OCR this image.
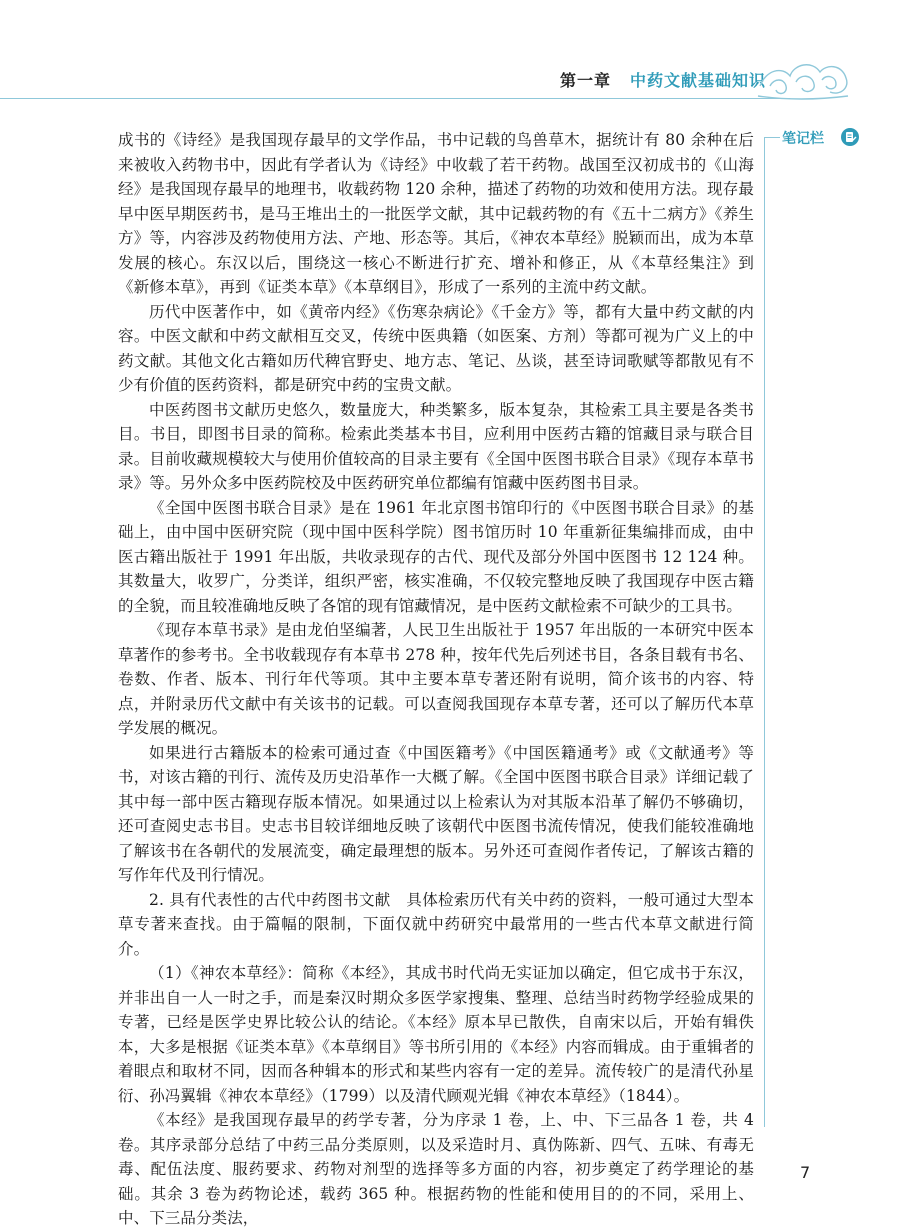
第一章 中药文献基础知识
笔记栏

成书的《诗经》是我国现存最早的文学作品，书中记载的鸟兽草木，据统计有 80 余种在后来被收入药物书中，因此有学者认为《诗经》中收载了若干药物。战国至汉初成书的《山海经》是我国现存最早的地理书，收载药物 120 余种，描述了药物的功效和使用方法。现存最早中医早期医药书，是马王堆出土的一批医学文献，其中记载药物的有《五十二病方》《养生方》等，内容涉及药物使用方法、产地、形态等。其后，《神农本草经》脱颖而出，成为本草发展的核心。东汉以后，围绕这一核心不断进行扩充、增补和修正，从《本草经集注》到《新修本草》，再到《证类本草》《本草纲目》，形成了一系列的主流中药文献。

历代中医著作中，如《黄帝内经》《伤寒杂病论》《千金方》等，都有大量中药文献的内容。中医文献和中药文献相互交叉，传统中医典籍（如医案、方剂）等都可视为广义上的中药文献。其他文化古籍如历代稗官野史、地方志、笔记、丛谈，甚至诗词歌赋等都散见有不少有价值的医药资料，都是研究中药的宝贵文献。

中医药图书文献历史悠久，数量庞大，种类繁多，版本复杂，其检索工具主要是各类书目。书目，即图书目录的简称。检索此类基本书目，应利用中医药古籍的馆藏目录与联合目录。目前收藏规模较大与使用价值较高的目录主要有《全国中医图书联合目录》《现存本草书录》等。另外众多中医药院校及中医药研究单位都编有馆藏中医药图书目录。

《全国中医图书联合目录》是在 1961 年北京图书馆印行的《中医图书联合目录》的基础上，由中国中医研究院（现中国中医科学院）图书馆历时 10 年重新征集编排而成，由中医古籍出版社于 1991 年出版，共收录现存的古代、现代及部分外国中医图书 12 124 种。其数量大，收罗广，分类详，组织严密，核实准确，不仅较完整地反映了我国现存中医古籍的全貌，而且较准确地反映了各馆的现有馆藏情况，是中医药文献检索不可缺少的工具书。

《现存本草书录》是由龙伯坚编著，人民卫生出版社于 1957 年出版的一本研究中医本草著作的参考书。全书收载现存有本草书 278 种，按年代先后列述书目，各条目载有书名、卷数、作者、版本、刊行年代等项。其中主要本草专著还附有说明，简介该书的内容、特点，并附录历代文献中有关该书的记载。可以查阅我国现存本草专著，还可以了解历代本草学发展的概况。

如果进行古籍版本的检索可通过查《中国医籍考》《中国医籍通考》或《文献通考》等书，对该古籍的刊行、流传及历史沿革作一大概了解。《全国中医图书联合目录》详细记载了其中每一部中医古籍现存版本情况。如果通过以上检索认为对其版本沿革了解仍不够确切，还可查阅史志书目。史志书目较详细地反映了该朝代中医图书流传情况，使我们能较准确地了解该书在各朝代的发展流变，确定最理想的版本。另外还可查阅作者传记，了解该古籍的写作年代及刊行情况。

2. 具有代表性的古代中药图书文献　具体检索历代有关中药的资料，一般可通过大型本草专著来查找。由于篇幅的限制，下面仅就中药研究中最常用的一些古代本草文献进行简介。

（1）《神农本草经》：简称《本经》，其成书时代尚无实证加以确定，但它成书于东汉，并非出自一人一时之手，而是秦汉时期众多医学家搜集、整理、总结当时药物学经验成果的专著，已经是医学史界比较公认的结论。《本经》原本早已散佚，自南宋以后，开始有辑佚本，大多是根据《证类本草》《本草纲目》等书所引用的《本经》内容而辑成。由于重辑者的着眼点和取材不同，因而各种辑本的形式和某些内容有一定的差异。流传较广的是清代孙星衍、孙冯翼辑《神农本草经》（1799）以及清代顾观光辑《神农本草经》（1844）。

《本经》是我国现存最早的药学专著，分为序录 1 卷，上、中、下三品各 1 卷，共 4 卷。其序录部分总结了中药三品分类原则，以及采造时月、真伪陈新、四气、五味、有毒无毒、配伍法度、服药要求、药物对剂型的选择等多方面的内容，初步奠定了药学理论的基础。其余 3 卷为药物论述，载药 365 种。根据药物的性能和使用目的的不同，采用上、中、下三品分类法，

7
